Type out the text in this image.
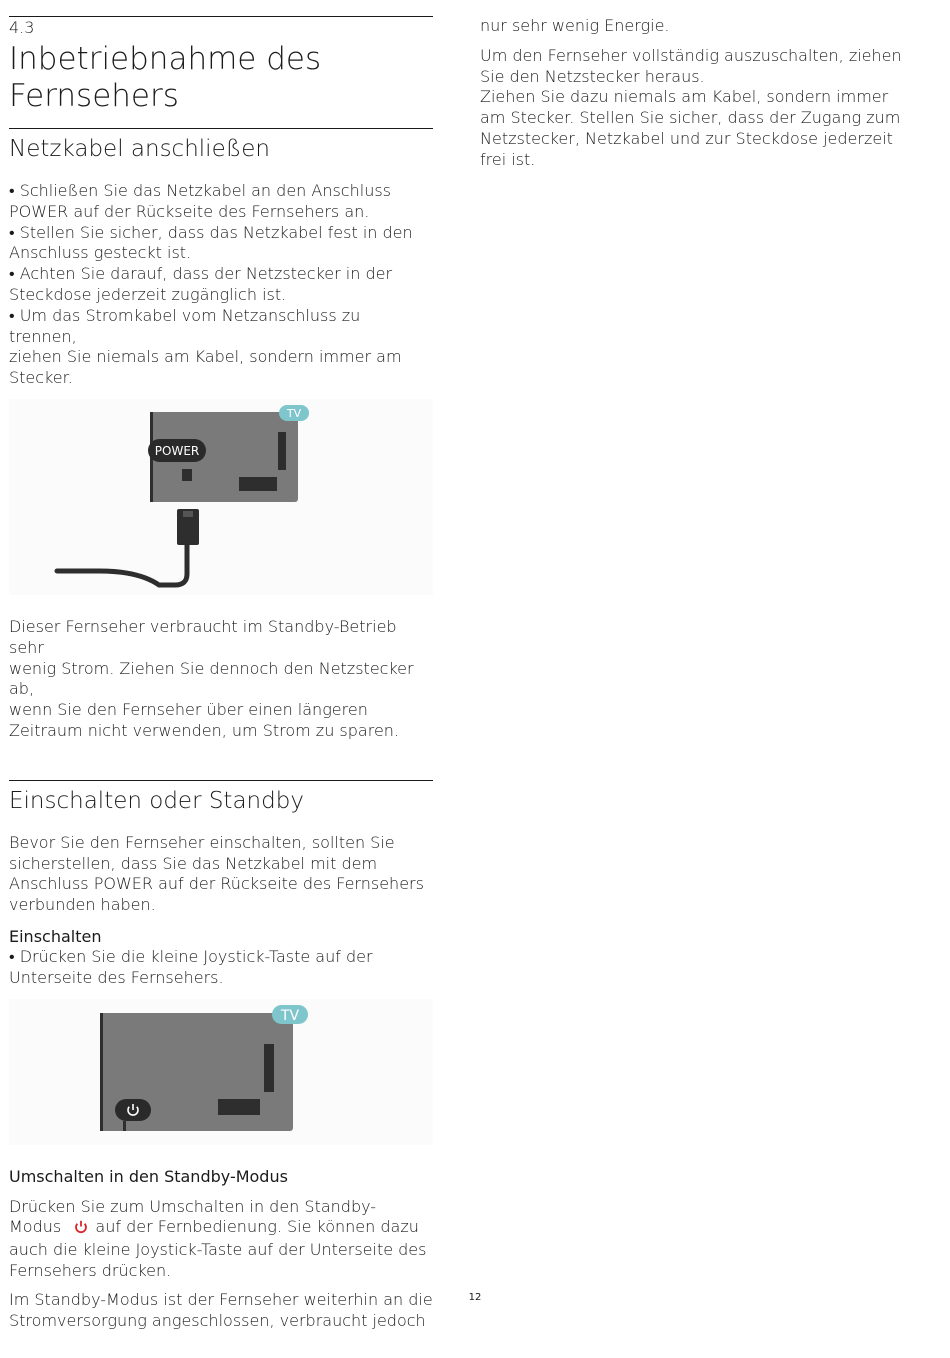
4.3
Inbetriebnahme des
Fernsehers
Netzkabel anschließen

• Schließen Sie das Netzkabel an den Anschluss

POWER auf der Rückseite des Fernsehers an.

• Stellen Sie sicher, dass das Netzkabel fest in den

Anschluss gesteckt ist.

• Achten Sie darauf, dass der Netzstecker in der

Steckdose jederzeit zugänglich ist.

• Um das Stromkabel vom Netzanschluss zu trennen,

ziehen Sie niemals am Kabel, sondern immer am

Stecker.

POWER
TV

Dieser Fernseher verbraucht im Standby-Betrieb sehr

wenig Strom. Ziehen Sie dennoch den Netzstecker ab,

wenn Sie den Fernseher über einen längeren

Zeitraum nicht verwenden, um Strom zu sparen.

Einschalten oder Standby

Bevor Sie den Fernseher einschalten, sollten Sie

sicherstellen, dass Sie das Netzkabel mit dem

Anschluss POWER auf der Rückseite des Fernsehers

verbunden haben.

Einschalten

• Drücken Sie die kleine Joystick-Taste auf der

Unterseite des Fernsehers.

TV
Umschalten in den Standby-Modus

Drücken Sie zum Umschalten in den Standby-

Modus auf der Fernbedienung. Sie können dazu

auch die kleine Joystick-Taste auf der Unterseite des

Fernsehers drücken.

Im Standby-Modus ist der Fernseher weiterhin an die

Stromversorgung angeschlossen, verbraucht jedoch

nur sehr wenig Energie.

Um den Fernseher vollständig auszuschalten, ziehen

Sie den Netzstecker heraus.

Ziehen Sie dazu niemals am Kabel, sondern immer

am Stecker. Stellen Sie sicher, dass der Zugang zum

Netzstecker, Netzkabel und zur Steckdose jederzeit

frei ist.

12
